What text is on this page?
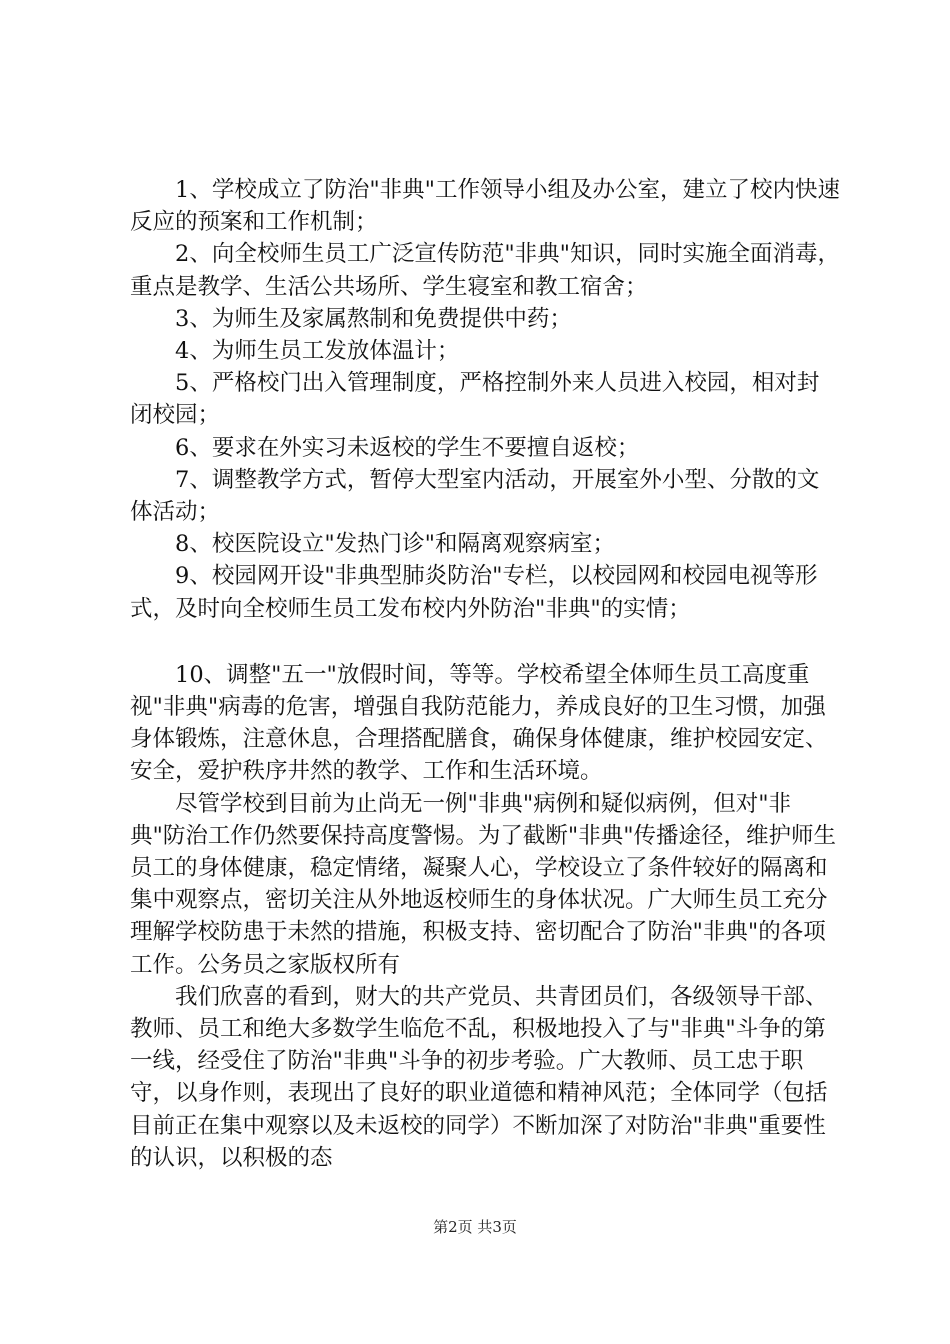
1、学校成立了防治"非典"工作领导小组及办公室，建立了校内快速反应的预案和工作机制；

2、向全校师生员工广泛宣传防范"非典"知识，同时实施全面消毒，重点是教学、生活公共场所、学生寝室和教工宿舍；

3、为师生及家属熬制和免费提供中药；

4、为师生员工发放体温计；

5、严格校门出入管理制度，严格控制外来人员进入校园，相对封闭校园；

6、要求在外实习未返校的学生不要擅自返校；

7、调整教学方式，暂停大型室内活动，开展室外小型、分散的文体活动；

8、校医院设立"发热门诊"和隔离观察病室；

9、校园网开设"非典型肺炎防治"专栏，以校园网和校园电视等形式，及时向全校师生员工发布校内外防治"非典"的实情；

10、调整"五一"放假时间，等等。学校希望全体师生员工高度重视"非典"病毒的危害，增强自我防范能力，养成良好的卫生习惯，加强身体锻炼，注意休息，合理搭配膳食，确保身体健康，维护校园安定、安全，爱护秩序井然的教学、工作和生活环境。

尽管学校到目前为止尚无一例"非典"病例和疑似病例，但对"非典"防治工作仍然要保持高度警惕。为了截断"非典"传播途径，维护师生员工的身体健康，稳定情绪，凝聚人心，学校设立了条件较好的隔离和集中观察点，密切关注从外地返校师生的身体状况。广大师生员工充分理解学校防患于未然的措施，积极支持、密切配合了防治"非典"的各项工作。公务员之家版权所有

我们欣喜的看到，财大的共产党员、共青团员们，各级领导干部、教师、员工和绝大多数学生临危不乱，积极地投入了与"非典"斗争的第一线，经受住了防治"非典"斗争的初步考验。广大教师、员工忠于职守，以身作则，表现出了良好的职业道德和精神风范；全体同学（包括目前正在集中观察以及未返校的同学）不断加深了对防治"非典"重要性的认识，以积极的态

第2页 共3页
